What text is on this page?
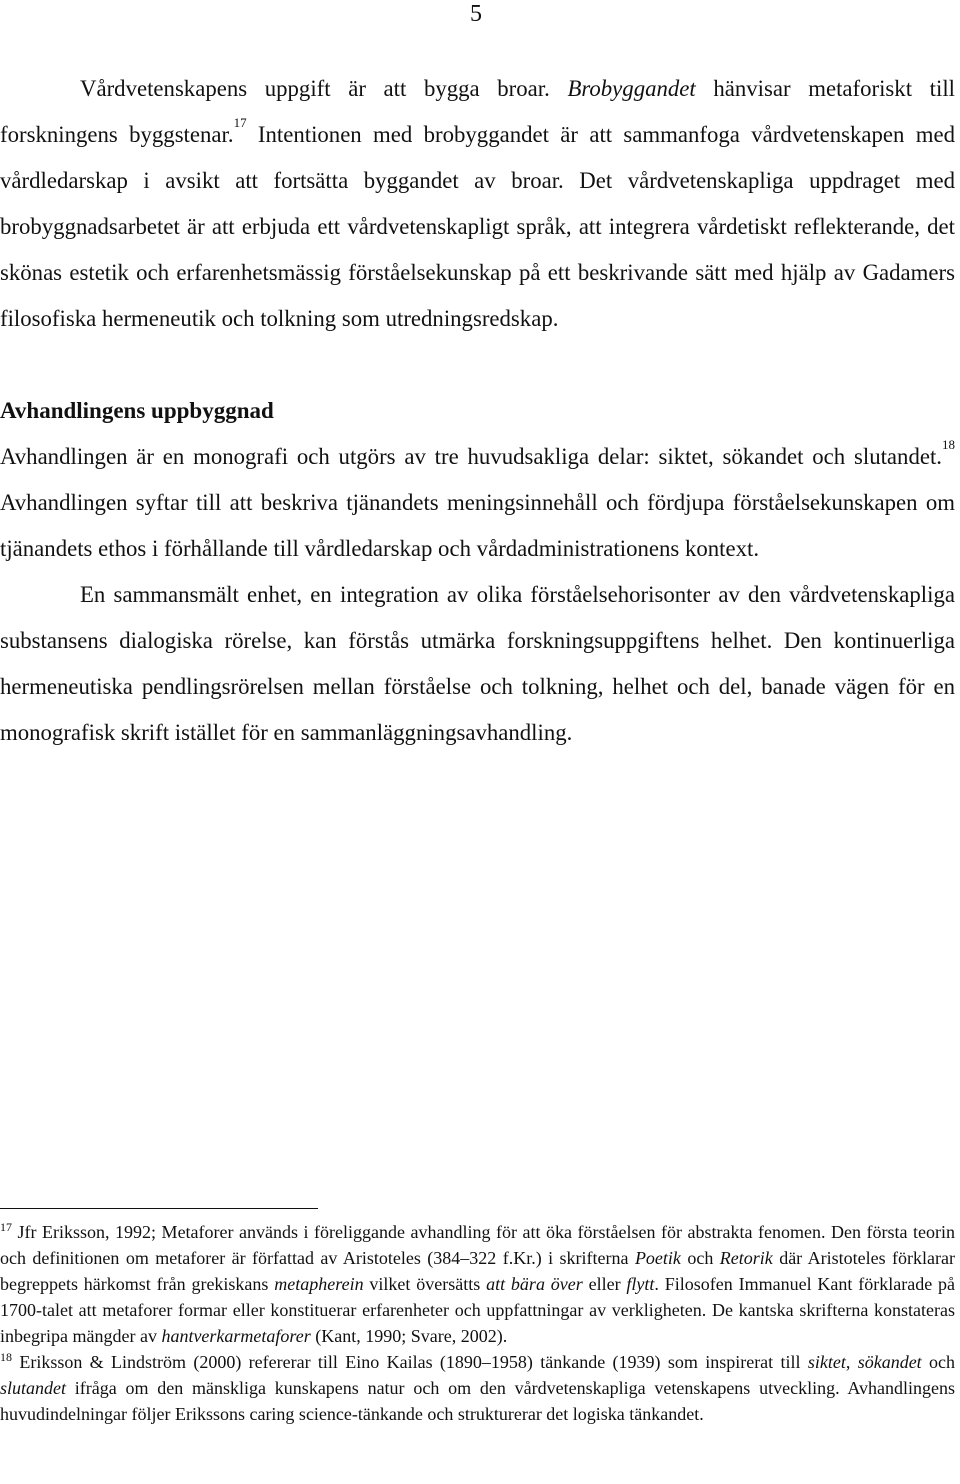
5

Vårdvetenskapens uppgift är att bygga broar. Brobyggandet hänvisar metaforiskt till forskningens byggstenar.$^{17}$ Intentionen med brobyggandet är att sammanfoga vårdvetenskapen med vårdledarskap i avsikt att fortsätta byggandet av broar. Det vårdvetenskapliga uppdraget med brobyggnadsarbetet är att erbjuda ett vårdvetenskapligt språk, att integrera vårdetiskt reflekterande, det skönas estetik och erfarenhetsmässig förståelsekunskap på ett beskrivande sätt med hjälp av Gadamers filosofiska hermeneutik och tolkning som utredningsredskap.

Avhandlingens uppbyggnad

Avhandlingen är en monografi och utgörs av tre huvudsakliga delar: siktet, sökandet och slutandet.$^{18}$ Avhandlingen syftar till att beskriva tjänandets meningsinnehåll och fördjupa förståelsekunskapen om tjänandets ethos i förhållande till vårdledarskap och vårdadministrationens kontext.

En sammansmält enhet, en integration av olika förståelsehorisonter av den vårdvetenskapliga substansens dialogiska rörelse, kan förstås utmärka forskningsuppgiftens helhet. Den kontinuerliga hermeneutiska pendlingsrörelsen mellan förståelse och tolkning, helhet och del, banade vägen för en monografisk skrift istället för en sammanläggningsavhandling.

$^{17}$ Jfr Eriksson, 1992; Metaforer används i föreliggande avhandling för att öka förståelsen för abstrakta fenomen. Den första teorin och definitionen om metaforer är författad av Aristoteles (384–322 f.Kr.) i skrifterna Poetik och Retorik där Aristoteles förklarar begreppets härkomst från grekiskans metapherein vilket översätts att bära över eller flytt. Filosofen Immanuel Kant förklarade på 1700-talet att metaforer formar eller konstituerar erfarenheter och uppfattningar av verkligheten. De kantska skrifterna konstateras inbegripa mängder av hantverkarmetaforer (Kant, 1990; Svare, 2002).

$^{18}$ Eriksson & Lindström (2000) refererar till Eino Kailas (1890–1958) tänkande (1939) som inspirerat till siktet, sökandet och slutandet ifråga om den mänskliga kunskapens natur och om den vårdvetenskapliga vetenskapens utveckling. Avhandlingens huvudindelningar följer Erikssons caring science-tänkande och strukturerar det logiska tänkandet.
